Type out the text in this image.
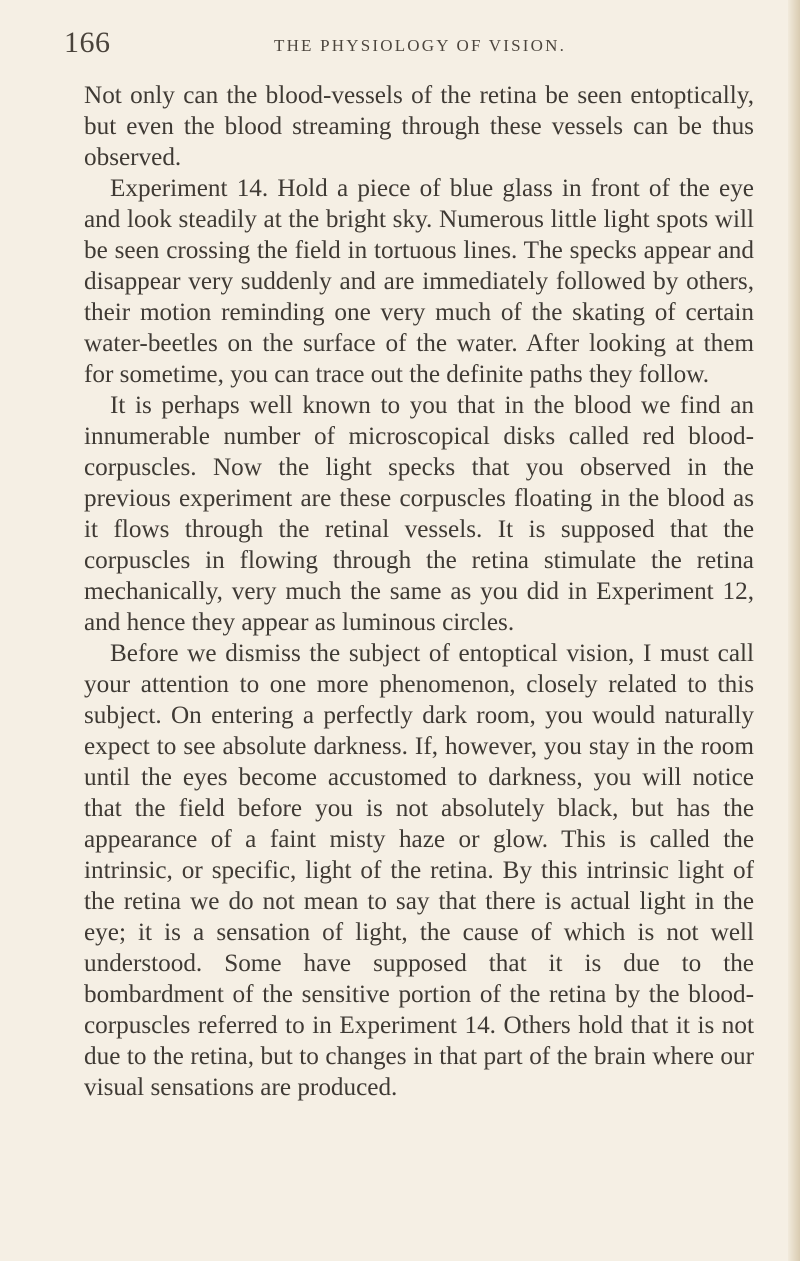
166	THE PHYSIOLOGY OF VISION.

Not only can the blood-vessels of the retina be seen entoptically, but even the blood streaming through these vessels can be thus observed.

Experiment 14. Hold a piece of blue glass in front of the eye and look steadily at the bright sky. Numerous little light spots will be seen crossing the field in tortuous lines. The specks appear and disappear very suddenly and are immediately followed by others, their motion reminding one very much of the skating of certain water-beetles on the surface of the water. After looking at them for sometime, you can trace out the definite paths they follow.

It is perhaps well known to you that in the blood we find an innumerable number of microscopical disks called red blood-corpuscles. Now the light specks that you observed in the previous experiment are these corpuscles floating in the blood as it flows through the retinal vessels. It is supposed that the corpuscles in flowing through the retina stimulate the retina mechanically, very much the same as you did in Experiment 12, and hence they appear as luminous circles.

Before we dismiss the subject of entoptical vision, I must call your attention to one more phenomenon, closely related to this subject. On entering a perfectly dark room, you would naturally expect to see absolute darkness. If, however, you stay in the room until the eyes become accustomed to darkness, you will notice that the field before you is not absolutely black, but has the appearance of a faint misty haze or glow. This is called the intrinsic, or specific, light of the retina. By this intrinsic light of the retina we do not mean to say that there is actual light in the eye; it is a sensation of light, the cause of which is not well understood. Some have supposed that it is due to the bombardment of the sensitive portion of the retina by the blood-corpuscles referred to in Experiment 14. Others hold that it is not due to the retina, but to changes in that part of the brain where our visual sensations are produced.
